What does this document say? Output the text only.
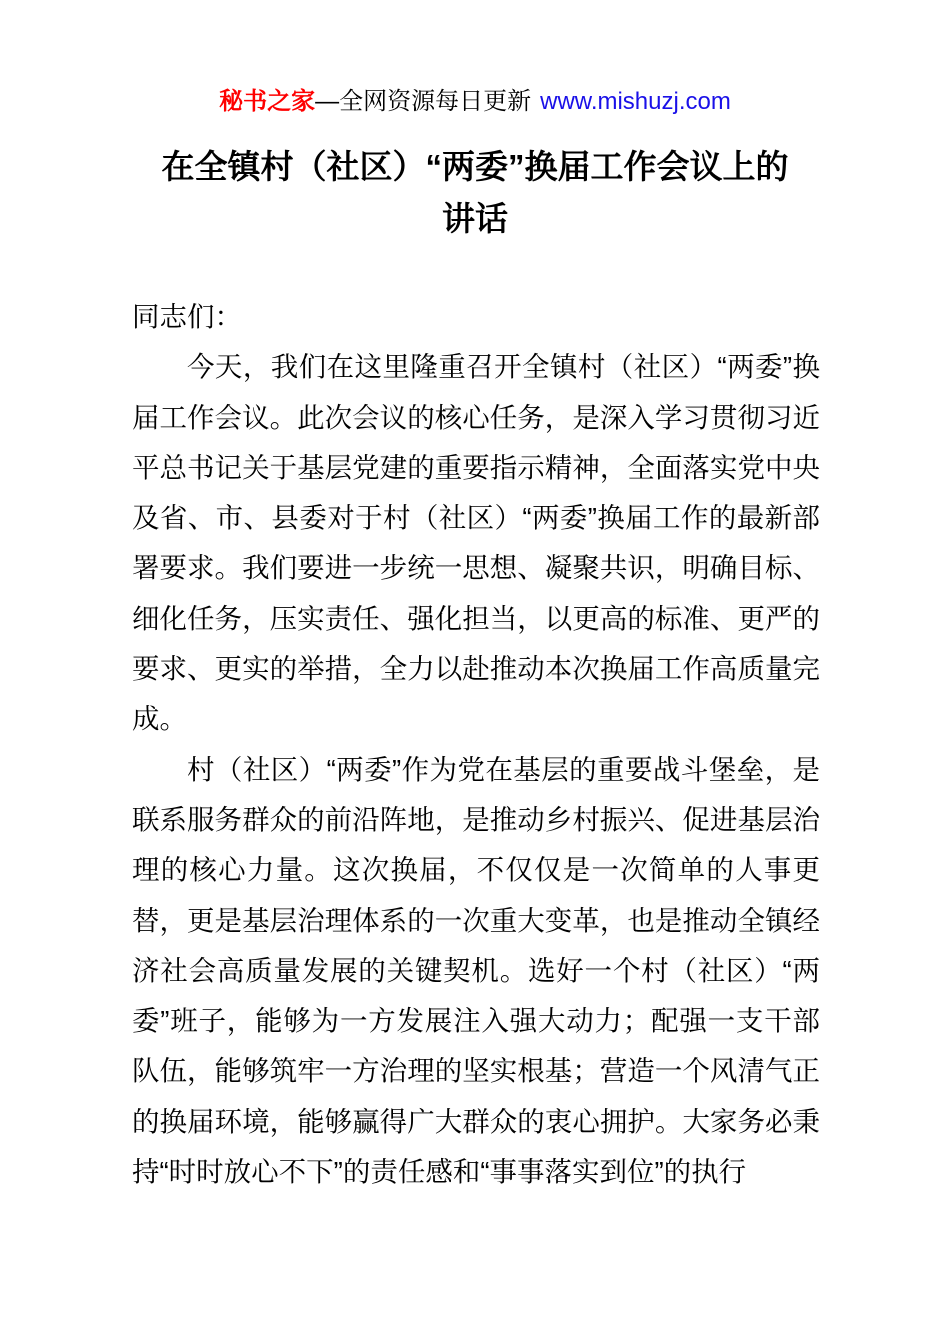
秘书之家—全网资源每日更新 www.mishuzj.com
在全镇村（社区）“两委”换届工作会议上的
讲话

同志们：

今天，我们在这里隆重召开全镇村（社区）“两委”换届工作会议。此次会议的核心任务，是深入学习贯彻习近平总书记关于基层党建的重要指示精神，全面落实党中央及省、市、县委对于村（社区）“两委”换届工作的最新部署要求。我们要进一步统一思想、凝聚共识，明确目标、细化任务，压实责任、强化担当，以更高的标准、更严的要求、更实的举措，全力以赴推动本次换届工作高质量完成。

村（社区）“两委”作为党在基层的重要战斗堡垒，是联系服务群众的前沿阵地，是推动乡村振兴、促进基层治理的核心力量。这次换届，不仅仅是一次简单的人事更替，更是基层治理体系的一次重大变革，也是推动全镇经济社会高质量发展的关键契机。选好一个村（社区）“两委”班子，能够为一方发展注入强大动力；配强一支干部队伍，能够筑牢一方治理的坚实根基；营造一个风清气正的换届环境，能够赢得广大群众的衷心拥护。大家务必秉持“时时放心不下”的责任感和“事事落实到位”的执行
